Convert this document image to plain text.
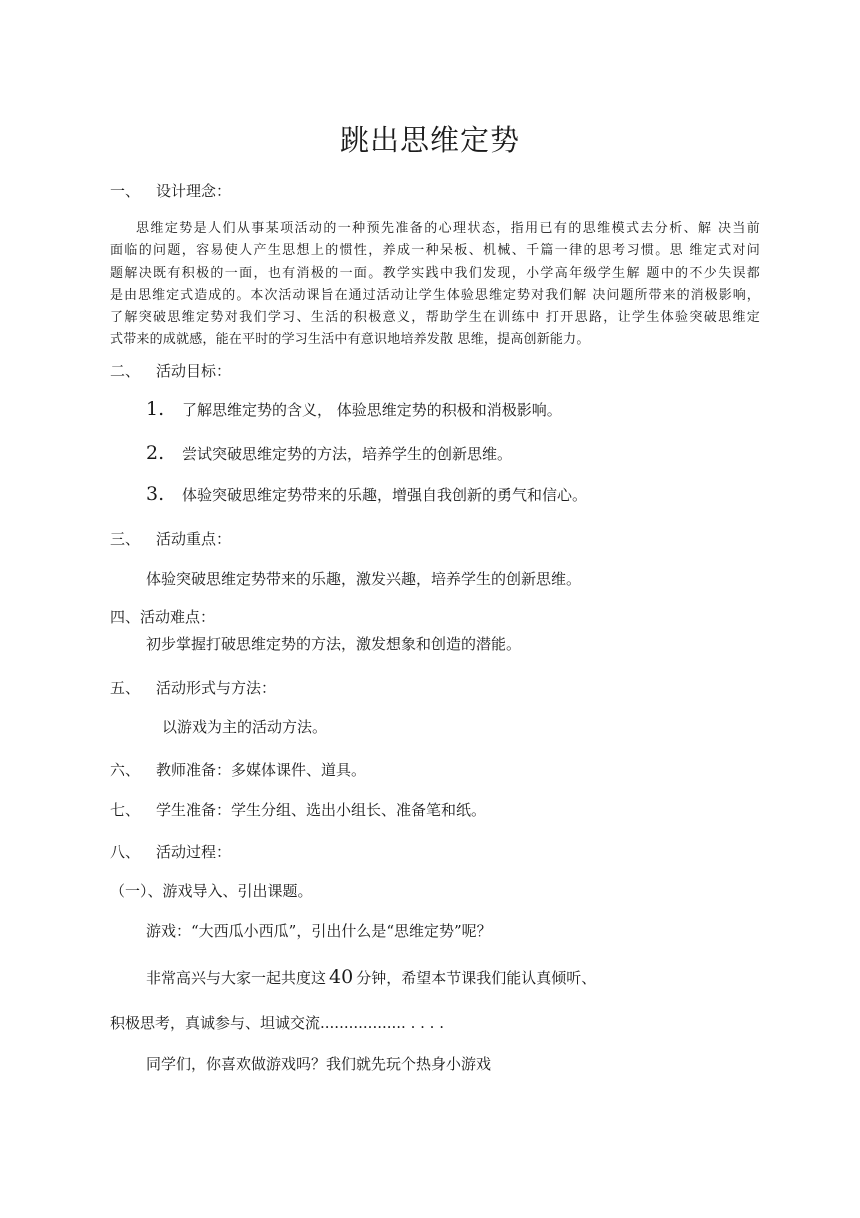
跳出思维定势
一、 设计理念：
思维定势是人们从事某项活动的一种预先准备的心理状态，指用已有的思维模式去分析、解 决当前
面临的问题，容易使人产生思想上的惯性，养成一种呆板、机械、千篇一律的思考习惯。思 维定式对问
题解决既有积极的一面，也有消极的一面。教学实践中我们发现，小学高年级学生解 题中的不少失误都
是由思维定式造成的。本次活动课旨在通过活动让学生体验思维定势对我们解 决问题所带来的消极影响，
了解突破思维定势对我们学习、生活的积极意义，帮助学生在训练中 打开思路，让学生体验突破思维定
式带来的成就感，能在平时的学习生活中有意识地培养发散 思维，提高创新能力。
二、 活动目标：
1. 了解思维定势的含义， 体验思维定势的积极和消极影响。
2. 尝试突破思维定势的方法，培养学生的创新思维。
3. 体验突破思维定势带来的乐趣，增强自我创新的勇气和信心。
三、 活动重点：
体验突破思维定势带来的乐趣，激发兴趣，培养学生的创新思维。
四、活动难点：
初步掌握打破思维定势的方法，激发想象和创造的潜能。
五、 活动形式与方法：
以游戏为主的活动方法。
六、 教师准备：多媒体课件、道具。
七、 学生准备：学生分组、选出小组长、准备笔和纸。
八、 活动过程：
（一）、游戏导入、引出课题。
游戏：“大西瓜小西瓜”，引出什么是“思维定势”呢？
非常高兴与大家一起共度这 40 分钟，希望本节课我们能认真倾听、
积极思考，真诚参与、坦诚交流.................. . . . .
同学们，你喜欢做游戏吗？我们就先玩个热身小游戏
